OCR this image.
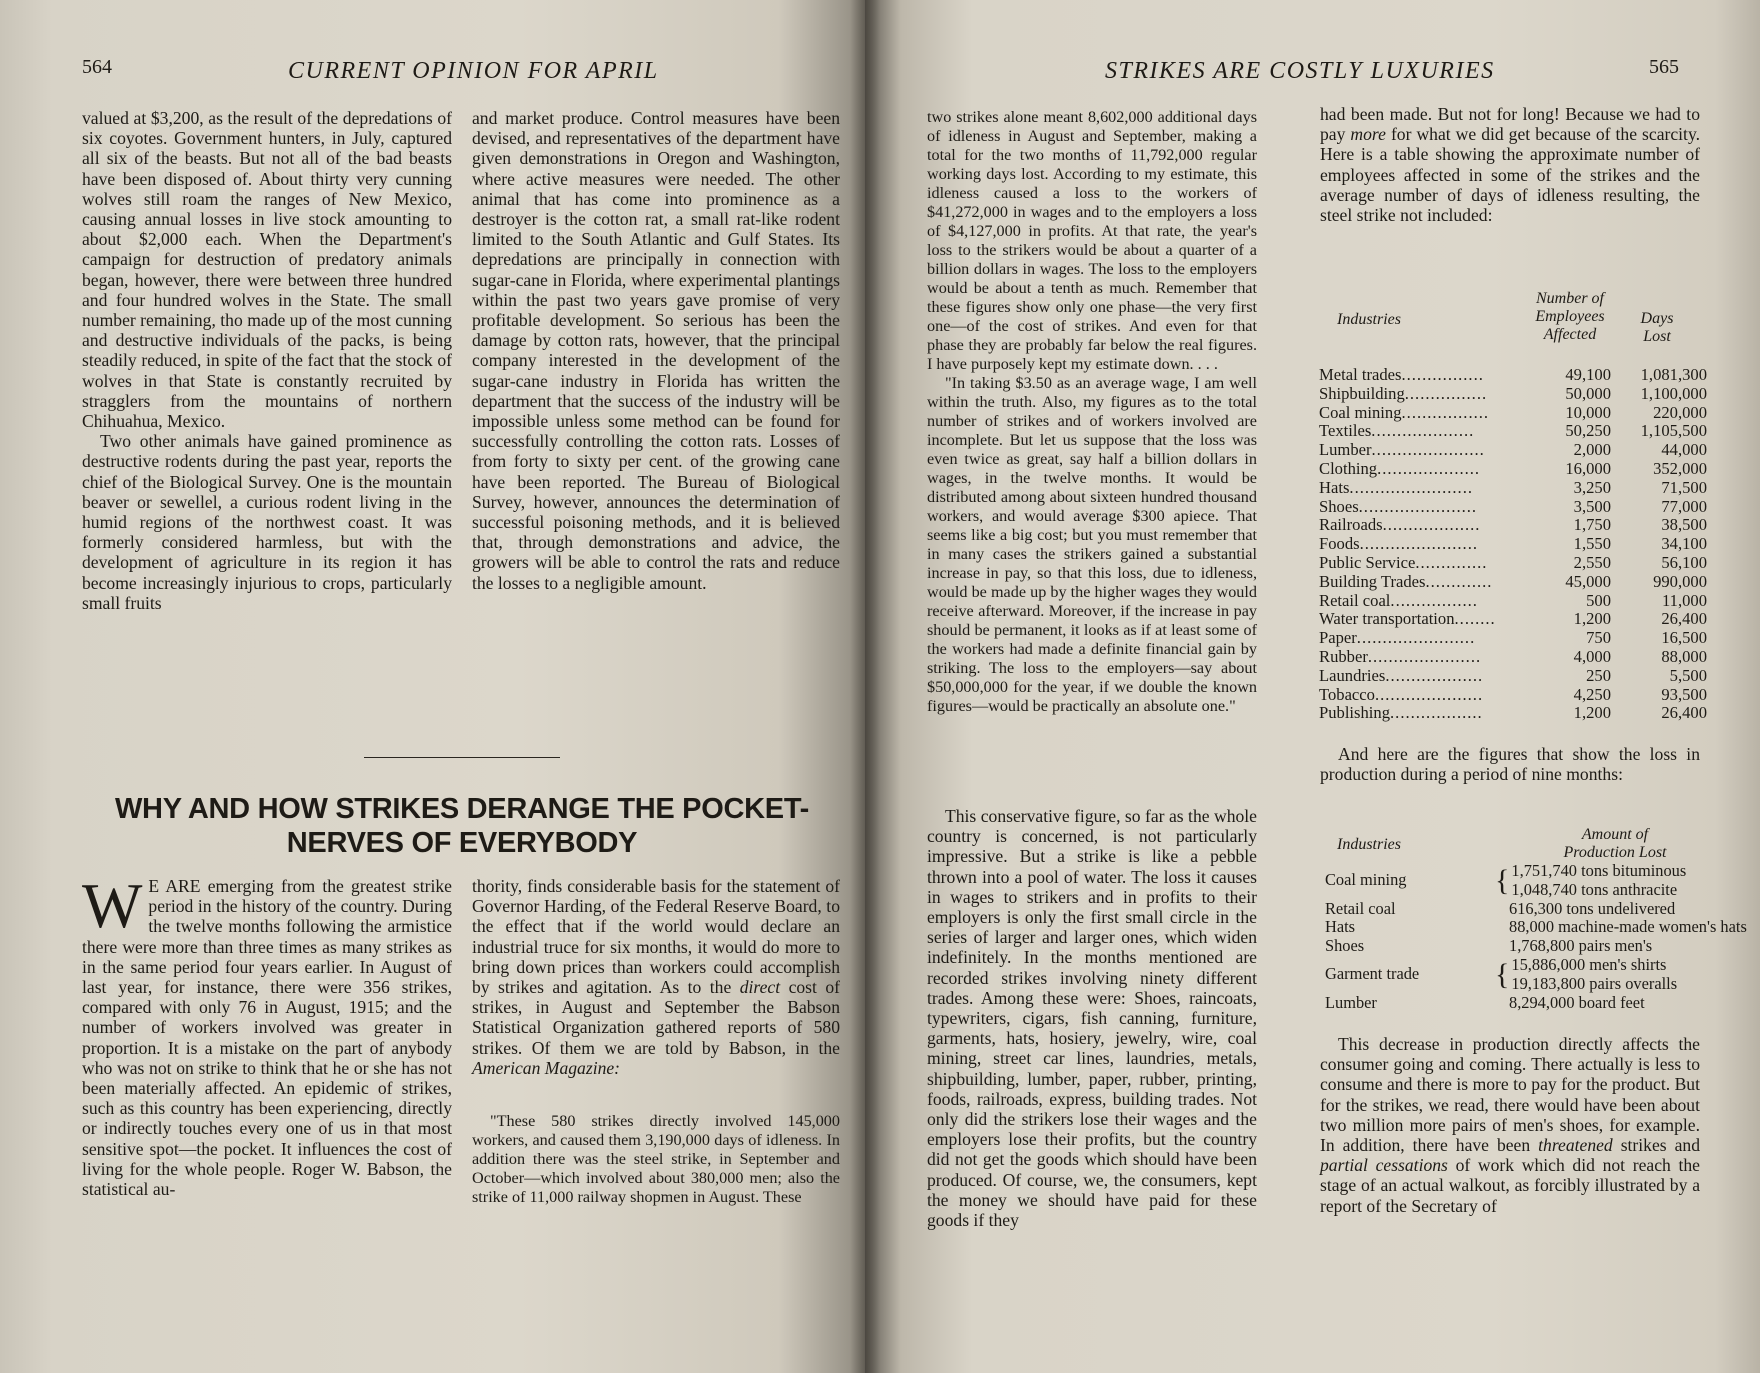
564	CURRENT OPINION FOR APRIL

valued at $3,200, as the result of the depredations of six coyotes. Government hunters, in July, captured all six of the beasts. But not all of the bad beasts have been disposed of. About thirty very cunning wolves still roam the ranges of New Mexico, causing annual losses in live stock amounting to about $2,000 each. When the Department's campaign for destruction of predatory animals began, however, there were between three hundred and four hundred wolves in the State. The small number remaining, tho made up of the most cunning and destructive individuals of the packs, is being steadily reduced, in spite of the fact that the stock of wolves in that State is constantly recruited by stragglers from the mountains of northern Chihuahua, Mexico.

Two other animals have gained prominence as destructive rodents during the past year, reports the chief of the Biological Survey. One is the mountain beaver or sewellel, a curious rodent living in the humid regions of the northwest coast. It was formerly considered harmless, but with the development of agriculture in its region it has become increasingly injurious to crops, particularly small fruits

and market produce. Control measures have been devised, and representatives of the department have given demonstrations in Oregon and Washington, where active measures were needed. The other animal that has come into prominence as a destroyer is the cotton rat, a small rat-like rodent limited to the South Atlantic and Gulf States. Its depredations are principally in connection with sugar-cane in Florida, where experimental plantings within the past two years gave promise of very profitable development. So serious has been the damage by cotton rats, however, that the principal company interested in the development of the sugar-cane industry in Florida has written the department that the success of the industry will be impossible unless some method can be found for successfully controlling the cotton rats. Losses of from forty to sixty per cent. of the growing cane have been reported. The Bureau of Biological Survey, however, announces the determination of successful poisoning methods, and it is believed that, through demonstrations and advice, the growers will be able to control the rats and reduce the losses to a negligible amount.

WHY AND HOW STRIKES DERANGE THE POCKET-
NERVES OF EVERYBODY

W E ARE emerging from the greatest strike period in the history of the country. During the twelve months following the armistice there were more than three times as many strikes as in the same period four years earlier. In August of last year, for instance, there were 356 strikes, compared with only 76 in August, 1915; and the number of workers involved was greater in proportion. It is a mistake on the part of anybody who was not on strike to think that he or she has not been materially affected. An epidemic of strikes, such as this country has been experiencing, directly or indirectly touches every one of us in that most sensitive spot—the pocket. It influences the cost of living for the whole people. Roger W. Babson, the statistical au-

thority, finds considerable basis for the statement of Governor Harding, of the Federal Reserve Board, to the effect that if the world would declare an industrial truce for six months, it would do more to bring down prices than workers could accomplish by strikes and agitation. As to the direct cost of strikes, in August and September the Babson Statistical Organization gathered reports of 580 strikes. Of them we are told by Babson, in the American Magazine:

"These 580 strikes directly involved 145,000 workers, and caused them 3,190,000 days of idleness. In addition there was the steel strike, in September and October—which involved about 380,000 men; also the strike of 11,000 railway shopmen in August. These

STRIKES ARE COSTLY LUXURIES	565

two strikes alone meant 8,602,000 additional days of idleness in August and September, making a total for the two months of 11,792,000 regular working days lost. According to my estimate, this idleness caused a loss to the workers of $41,272,000 in wages and to the employers a loss of $4,127,000 in profits. At that rate, the year's loss to the strikers would be about a quarter of a billion dollars in wages. The loss to the employers would be about a tenth as much. Remember that these figures show only one phase—the very first one—of the cost of strikes. And even for that phase they are probably far below the real figures. I have purposely kept my estimate down. . . .

"In taking $3.50 as an average wage, I am well within the truth. Also, my figures as to the total number of strikes and of workers involved are incomplete. But let us suppose that the loss was even twice as great, say half a billion dollars in wages, in the twelve months. It would be distributed among about sixteen hundred thousand workers, and would average $300 apiece. That seems like a big cost; but you must remember that in many cases the strikers gained a substantial increase in pay, so that this loss, due to idleness, would be made up by the higher wages they would receive afterward. Moreover, if the increase in pay should be permanent, it looks as if at least some of the workers had made a definite financial gain by striking. The loss to the employers—say about $50,000,000 for the year, if we double the known figures—would be practically an absolute one."

This conservative figure, so far as the whole country is concerned, is not particularly impressive. But a strike is like a pebble thrown into a pool of water. The loss it causes in wages to strikers and in profits to their employers is only the first small circle in the series of larger and larger ones, which widen indefinitely. In the months mentioned are recorded strikes involving ninety different trades. Among these were: Shoes, raincoats, typewriters, cigars, fish canning, furniture, garments, hats, hosiery, jewelry, wire, coal mining, street car lines, laundries, metals, shipbuilding, lumber, paper, rubber, printing, foods, railroads, express, building trades. Not only did the strikers lose their wages and the employers lose their profits, but the country did not get the goods which should have been produced. Of course, we, the consumers, kept the money we should have paid for these goods if they

had been made. But not for long! Because we had to pay more for what we did get because of the scarcity. Here is a table showing the approximate number of employees affected in some of the strikes and the average number of days of idleness resulting, the steel strike not included:

Industries
Number of
Employees
Affected
Days
Lost
Metal trades................	49,100	1,081,300
Shipbuilding................	50,000	1,100,000
Coal mining.................	10,000	220,000
Textiles....................	50,250	1,105,500
Lumber......................	2,000	44,000
Clothing....................	16,000	352,000
Hats........................	3,250	71,500
Shoes.......................	3,500	77,000
Railroads...................	1,750	38,500
Foods.......................	1,550	34,100
Public Service..............	2,550	56,100
Building Trades.............	45,000	990,000
Retail coal.................	500	11,000
Water transportation........	1,200	26,400
Paper.......................	750	16,500
Rubber......................	4,000	88,000
Laundries...................	250	5,500
Tobacco.....................	4,250	93,500
Publishing..................	1,200	26,400

And here are the figures that show the loss in production during a period of nine months:

Industries
Amount of
Production Lost
Coal mining	{ 1,751,740 tons bituminous
1,048,740 tons anthracite

Retail coal	616,300 tons undelivered

Hats	88,000 machine-made women's hats

Shoes	1,768,800 pairs men's

Garment trade	{ 15,886,000 men's shirts
19,183,800 pairs overalls

Lumber	8,294,000 board feet

This decrease in production directly affects the consumer going and coming. There actually is less to consume and there is more to pay for the product. But for the strikes, we read, there would have been about two million more pairs of men's shoes, for example. In addition, there have been threatened strikes and partial cessations of work which did not reach the stage of an actual walkout, as forcibly illustrated by a report of the Secretary of
